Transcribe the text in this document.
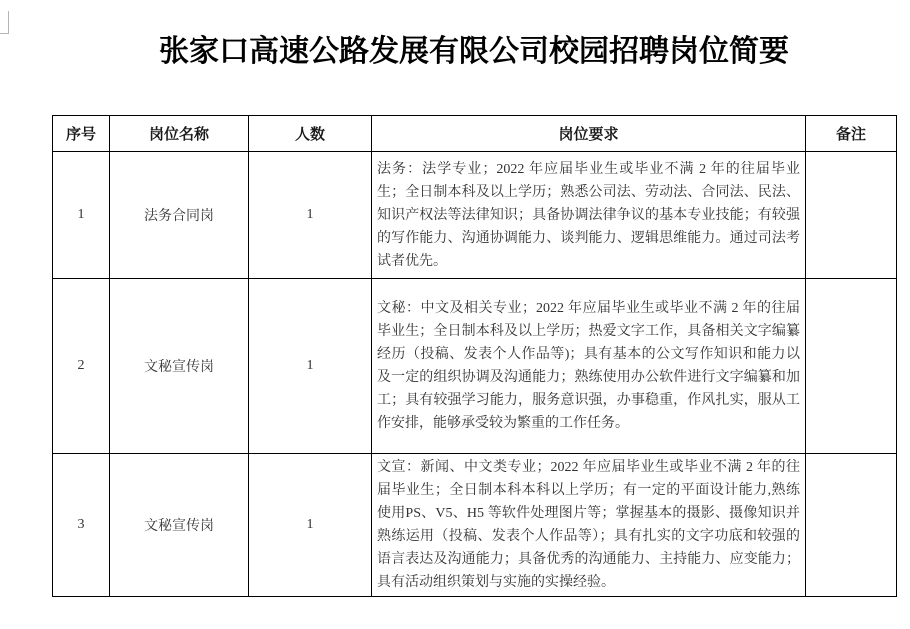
张家口高速公路发展有限公司校园招聘岗位简要
序号	岗位名称	人数	岗位要求	备注
1	法务合同岗	1	法务：法学专业；2022 年应届毕业生或毕业不满 2 年的往届毕业生；全日制本科及以上学历；熟悉公司法、劳动法、合同法、民法、知识产权法等法律知识；具备协调法律争议的基本专业技能；有较强的写作能力、沟通协调能力、谈判能力、逻辑思维能力。通过司法考试者优先。	
2	文秘宣传岗	1	文秘：中文及相关专业；2022 年应届毕业生或毕业不满 2 年的往届毕业生；全日制本科及以上学历；热爱文字工作，具备相关文字编纂经历（投稿、发表个人作品等)；具有基本的公文写作知识和能力以及一定的组织协调及沟通能力；熟练使用办公软件进行文字编纂和加工；具有较强学习能力，服务意识强，办事稳重，作风扎实，服从工作安排，能够承受较为繁重的工作任务。	
3	文秘宣传岗	1	文宣：新闻、中文类专业；2022 年应届毕业生或毕业不满 2 年的往届毕业生；全日制本科本科以上学历；有一定的平面设计能力,熟练使用PS、V5、H5 等软件处理图片等；掌握基本的摄影、摄像知识并熟练运用（投稿、发表个人作品等）；具有扎实的文字功底和较强的语言表达及沟通能力；具备优秀的沟通能力、主持能力、应变能力；具有活动组织策划与实施的实操经验。	
